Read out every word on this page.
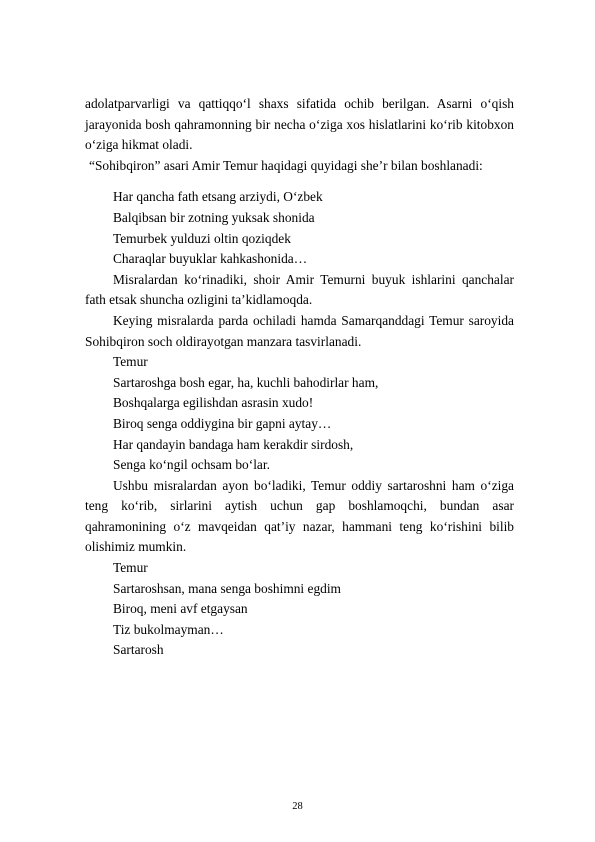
adolatparvarligi va qattiqqo‘l shaxs sifatida ochib berilgan. Asarni o‘qish jarayonida bosh qahramonning bir necha o‘ziga xos hislatlarini ko‘rib kitobxon o‘ziga hikmat oladi.

“Sohibqiron” asari Amir Temur haqidagi quyidagi she’r bilan boshlanadi:

Har qancha fath etsang arziydi, O‘zbek

Balqibsan bir zotning yuksak shonida

Temurbek yulduzi oltin qoziqdek

Charaqlar buyuklar kahkashonida…

Misralardan ko‘rinadiki, shoir Amir Temurni buyuk ishlarini qanchalar fath etsak shuncha ozligini ta’kidlamoqda.

Keying misralarda parda ochiladi hamda Samarqanddagi Temur saroyida Sohibqiron soch oldirayotgan manzara tasvirlanadi.

Temur

Sartaroshga bosh egar, ha, kuchli bahodirlar ham,

Boshqalarga egilishdan asrasin xudo!

Biroq senga oddiygina bir gapni aytay…

Har qandayin bandaga ham kerakdir sirdosh,

Senga ko‘ngil ochsam bo‘lar.

Ushbu misralardan ayon bo‘ladiki, Temur oddiy sartaroshni ham o‘ziga teng ko‘rib, sirlarini aytish uchun gap boshlamoqchi, bundan asar qahramonining o‘z mavqeidan qat’iy nazar, hammani teng ko‘rishini bilib olishimiz mumkin.

Temur

Sartaroshsan, mana senga boshimni egdim

Biroq, meni avf etgaysan

Tiz bukolmayman…

Sartarosh

28
